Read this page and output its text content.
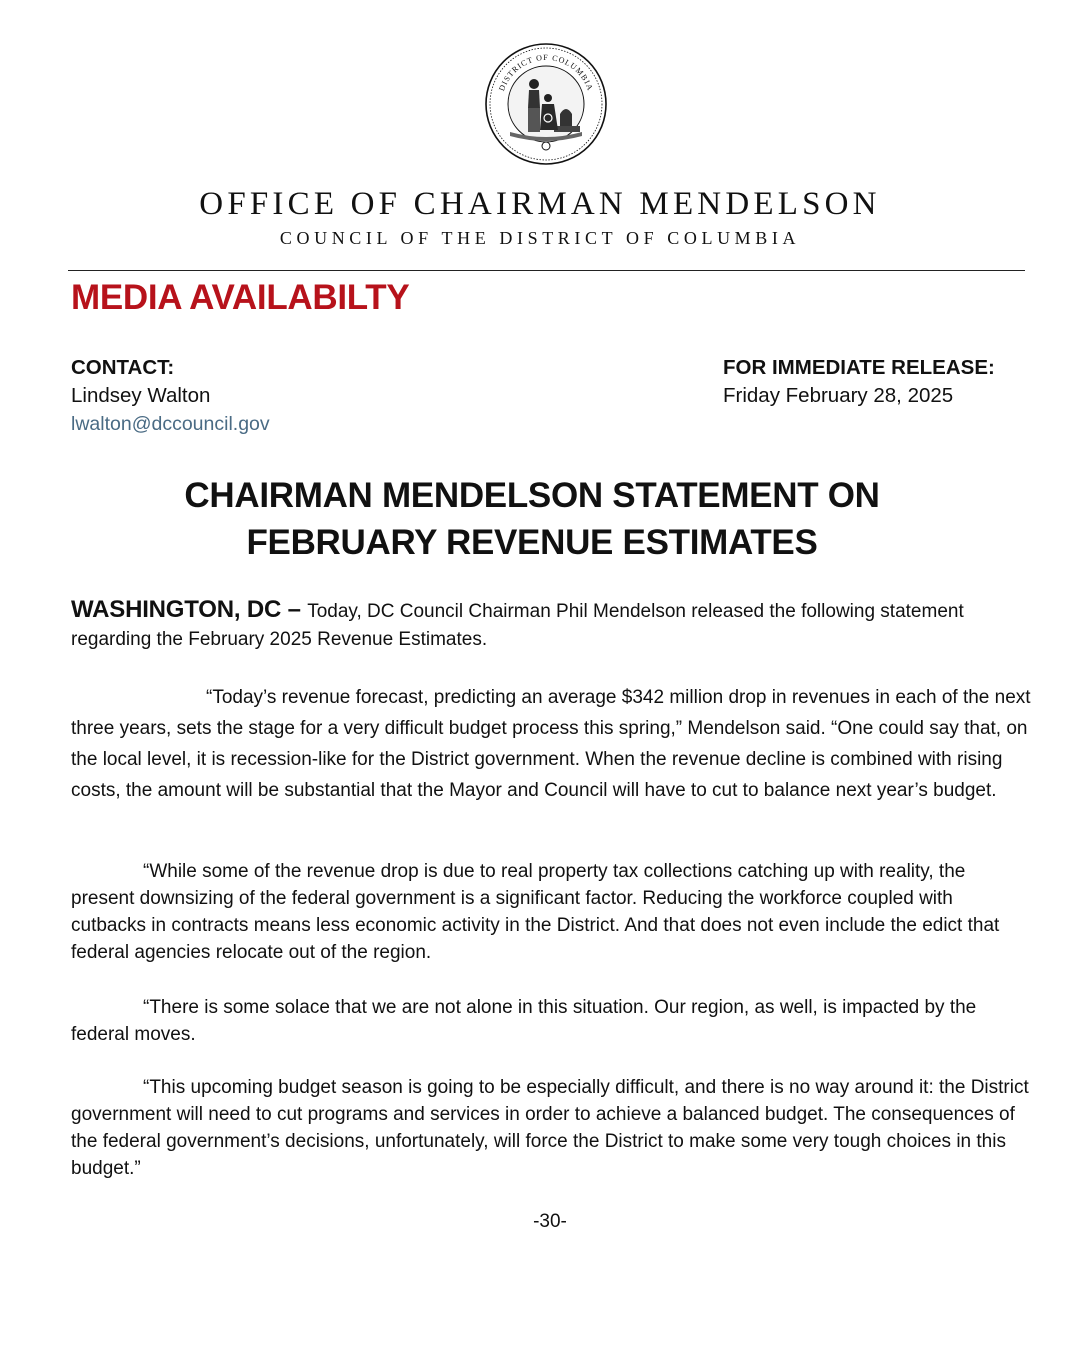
DISTRICT OF COLUMBIA
OFFICE OF CHAIRMAN MENDELSON
COUNCIL OF THE DISTRICT OF COLUMBIA
MEDIA AVAILABILTY
CONTACT:
Lindsey Walton
lwalton@dccouncil.gov
FOR IMMEDIATE RELEASE:
Friday February 28, 2025
CHAIRMAN MENDELSON STATEMENT ON
FEBRUARY REVENUE ESTIMATES
WASHINGTON, DC – Today, DC Council Chairman Phil Mendelson released the following statement regarding the February 2025 Revenue Estimates.
“Today’s revenue forecast, predicting an average $342 million drop in revenues in each of the next three years, sets the stage for a very difficult budget process this spring,” Mendelson said. “One could say that, on the local level, it is recession-like for the District government. When the revenue decline is combined with rising costs, the amount will be substantial that the Mayor and Council will have to cut to balance next year’s budget.
“While some of the revenue drop is due to real property tax collections catching up with reality, the present downsizing of the federal government is a significant factor. Reducing the workforce coupled with cutbacks in contracts means less economic activity in the District. And that does not even include the edict that federal agencies relocate out of the region.
“There is some solace that we are not alone in this situation. Our region, as well, is impacted by the federal moves.
“This upcoming budget season is going to be especially difficult, and there is no way around it: the District government will need to cut programs and services in order to achieve a balanced budget. The consequences of the federal government’s decisions, unfortunately, will force the District to make some very tough choices in this budget.”
-30-
